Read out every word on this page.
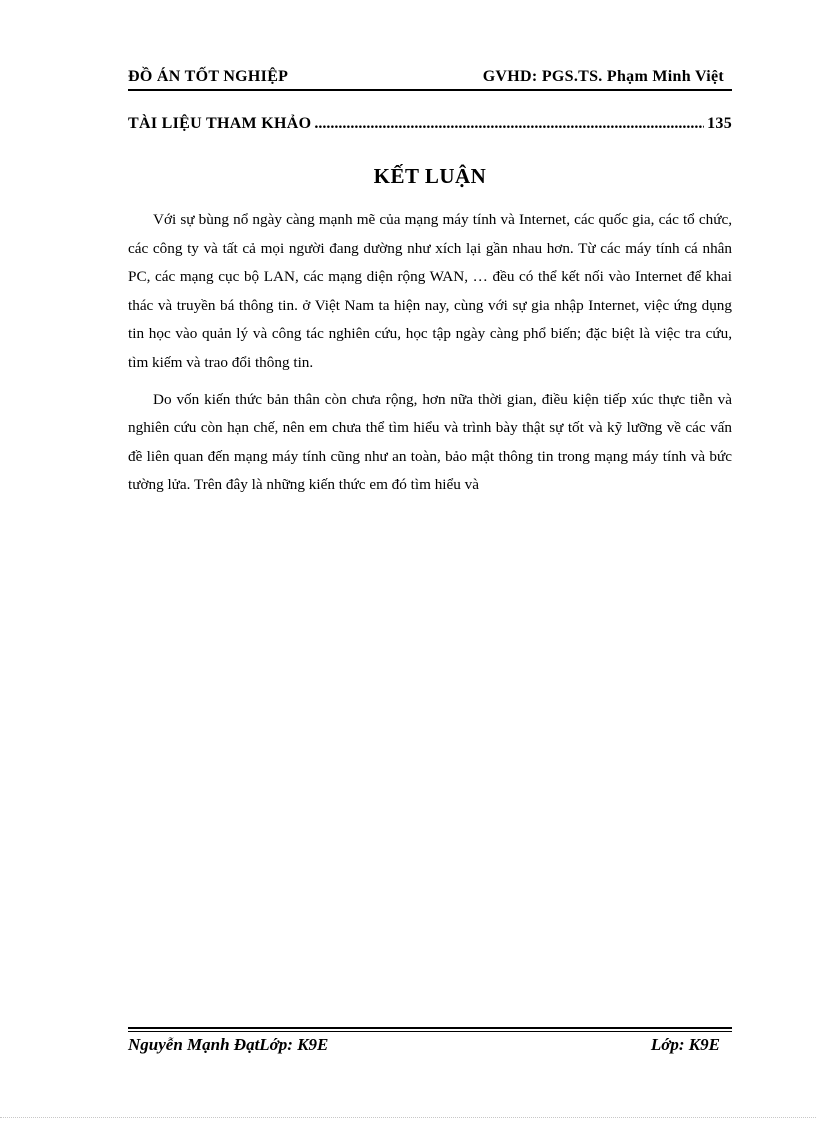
ĐỒ ÁN TỐT NGHIỆP	GVHD: PGS.TS. Phạm Minh Việt
TÀI LIỆU THAM KHẢO
.....	135
KẾT LUẬN

Với sự bùng nổ ngày càng mạnh mẽ của mạng máy tính và Internet, các quốc gia, các tổ chức, các công ty và tất cả mọi người đang dường như xích lại gần nhau hơn. Từ các máy tính cá nhân PC, các mạng cục bộ LAN, các mạng diện rộng WAN, … đều có thể kết nối vào Internet để khai thác và truyền bá thông tin. ở Việt Nam ta hiện nay, cùng với sự gia nhập Internet, việc ứng dụng tin học vào quản lý và công tác nghiên cứu, học tập ngày càng phổ biến; đặc biệt là việc tra cứu, tìm kiếm và trao đổi thông tin.

Do vốn kiến thức bản thân còn chưa rộng, hơn nữa thời gian, điều kiện tiếp xúc thực tiễn và nghiên cứu còn hạn chế, nên em chưa thể tìm hiểu và trình bày thật sự tốt và kỹ lưỡng về các vấn đề liên quan đến mạng máy tính cũng như an toàn, bảo mật thông tin trong mạng máy tính và bức tường lửa. Trên đây là những kiến thức em đó tìm hiểu và

Nguyễn Mạnh ĐạtLớp: K9E	Lớp: K9E
